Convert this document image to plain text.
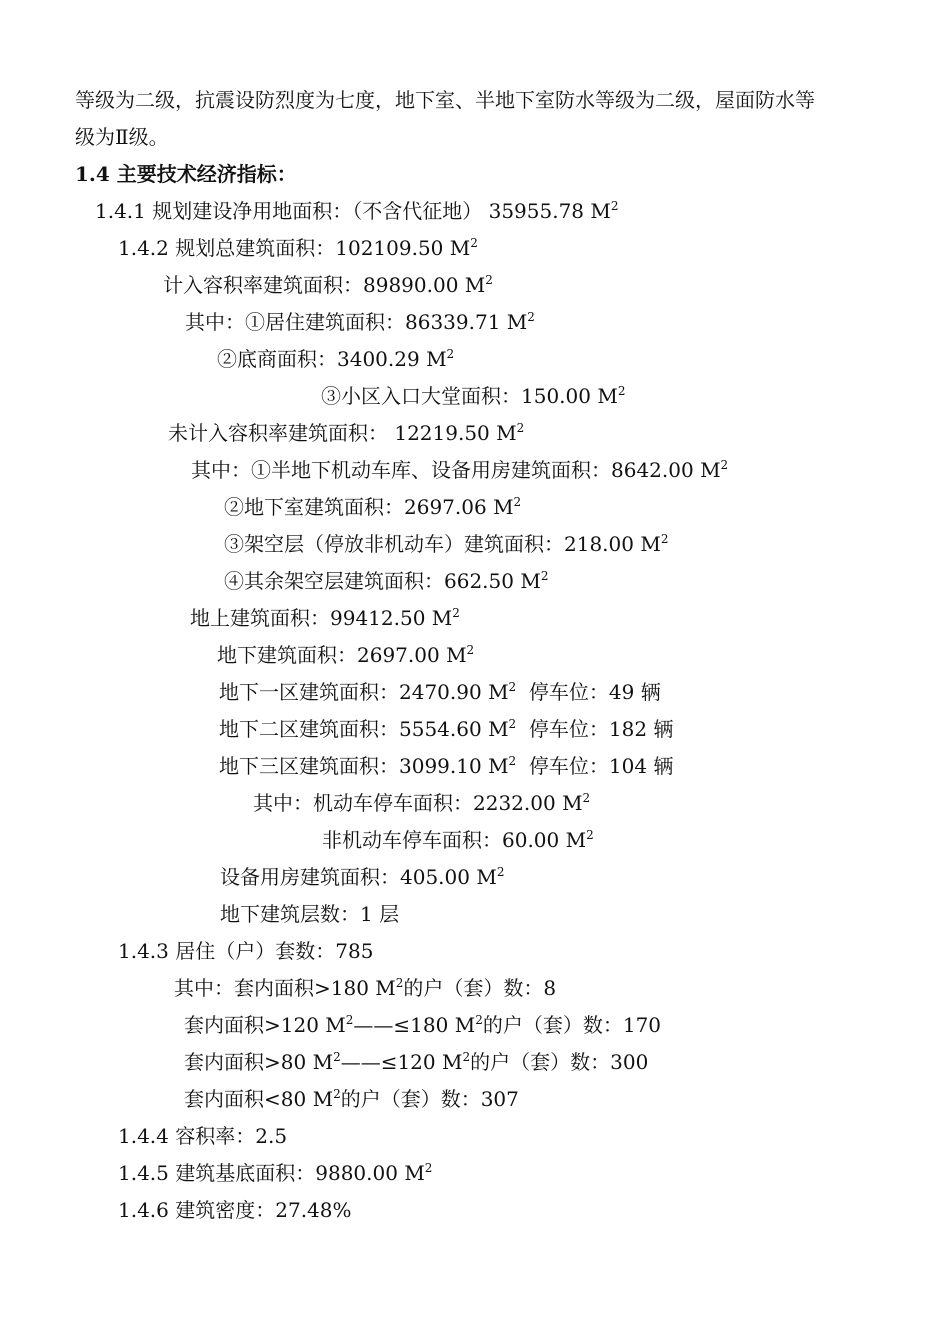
等级为二级，抗震设防烈度为七度，地下室、半地下室防水等级为二级，屋面防水等
级为Ⅱ级。
1.4 主要技术经济指标：
1.4.1 规划建设净用地面积：（不含代征地） 35955.78 $M^2$
1.4.2 规划总建筑面积：102109.50 $M^2$
计入容积率建筑面积：89890.00 $M^2$
其中：①居住建筑面积：86339.71 $M^2$
②底商面积：3400.29 $M^2$
③小区入口大堂面积：150.00 $M^2$
未计入容积率建筑面积： 12219.50 $M^2$
其中：①半地下机动车库、设备用房建筑面积：8642.00 $M^2$
②地下室建筑面积：2697.06 $M^2$
③架空层（停放非机动车）建筑面积：218.00 $M^2$
④其余架空层建筑面积：662.50 $M^2$
地上建筑面积：99412.50 $M^2$
地下建筑面积：2697.00 $M^2$
地下一区建筑面积：2470.90 $M^2$  停车位：49 辆
地下二区建筑面积：5554.60 $M^2$  停车位：182 辆
地下三区建筑面积：3099.10 $M^2$  停车位：104 辆
其中：机动车停车面积：2232.00 $M^2$
非机动车停车面积：60.00 $M^2$
设备用房建筑面积：405.00 $M^2$
地下建筑层数：1 层
1.4.3 居住（户）套数：785
其中：套内面积>180 $M^2$的户（套）数：8
套内面积>120 $M^2——\le 180$ $M^2$的户（套）数：170
套内面积>80 $M^2——\le 120$ $M^2$的户（套）数：300
套内面积<80 $M^2$的户（套）数：307
1.4.4 容积率：2.5
1.4.5 建筑基底面积：9880.00 $M^2$
1.4.6 建筑密度：27.48%
